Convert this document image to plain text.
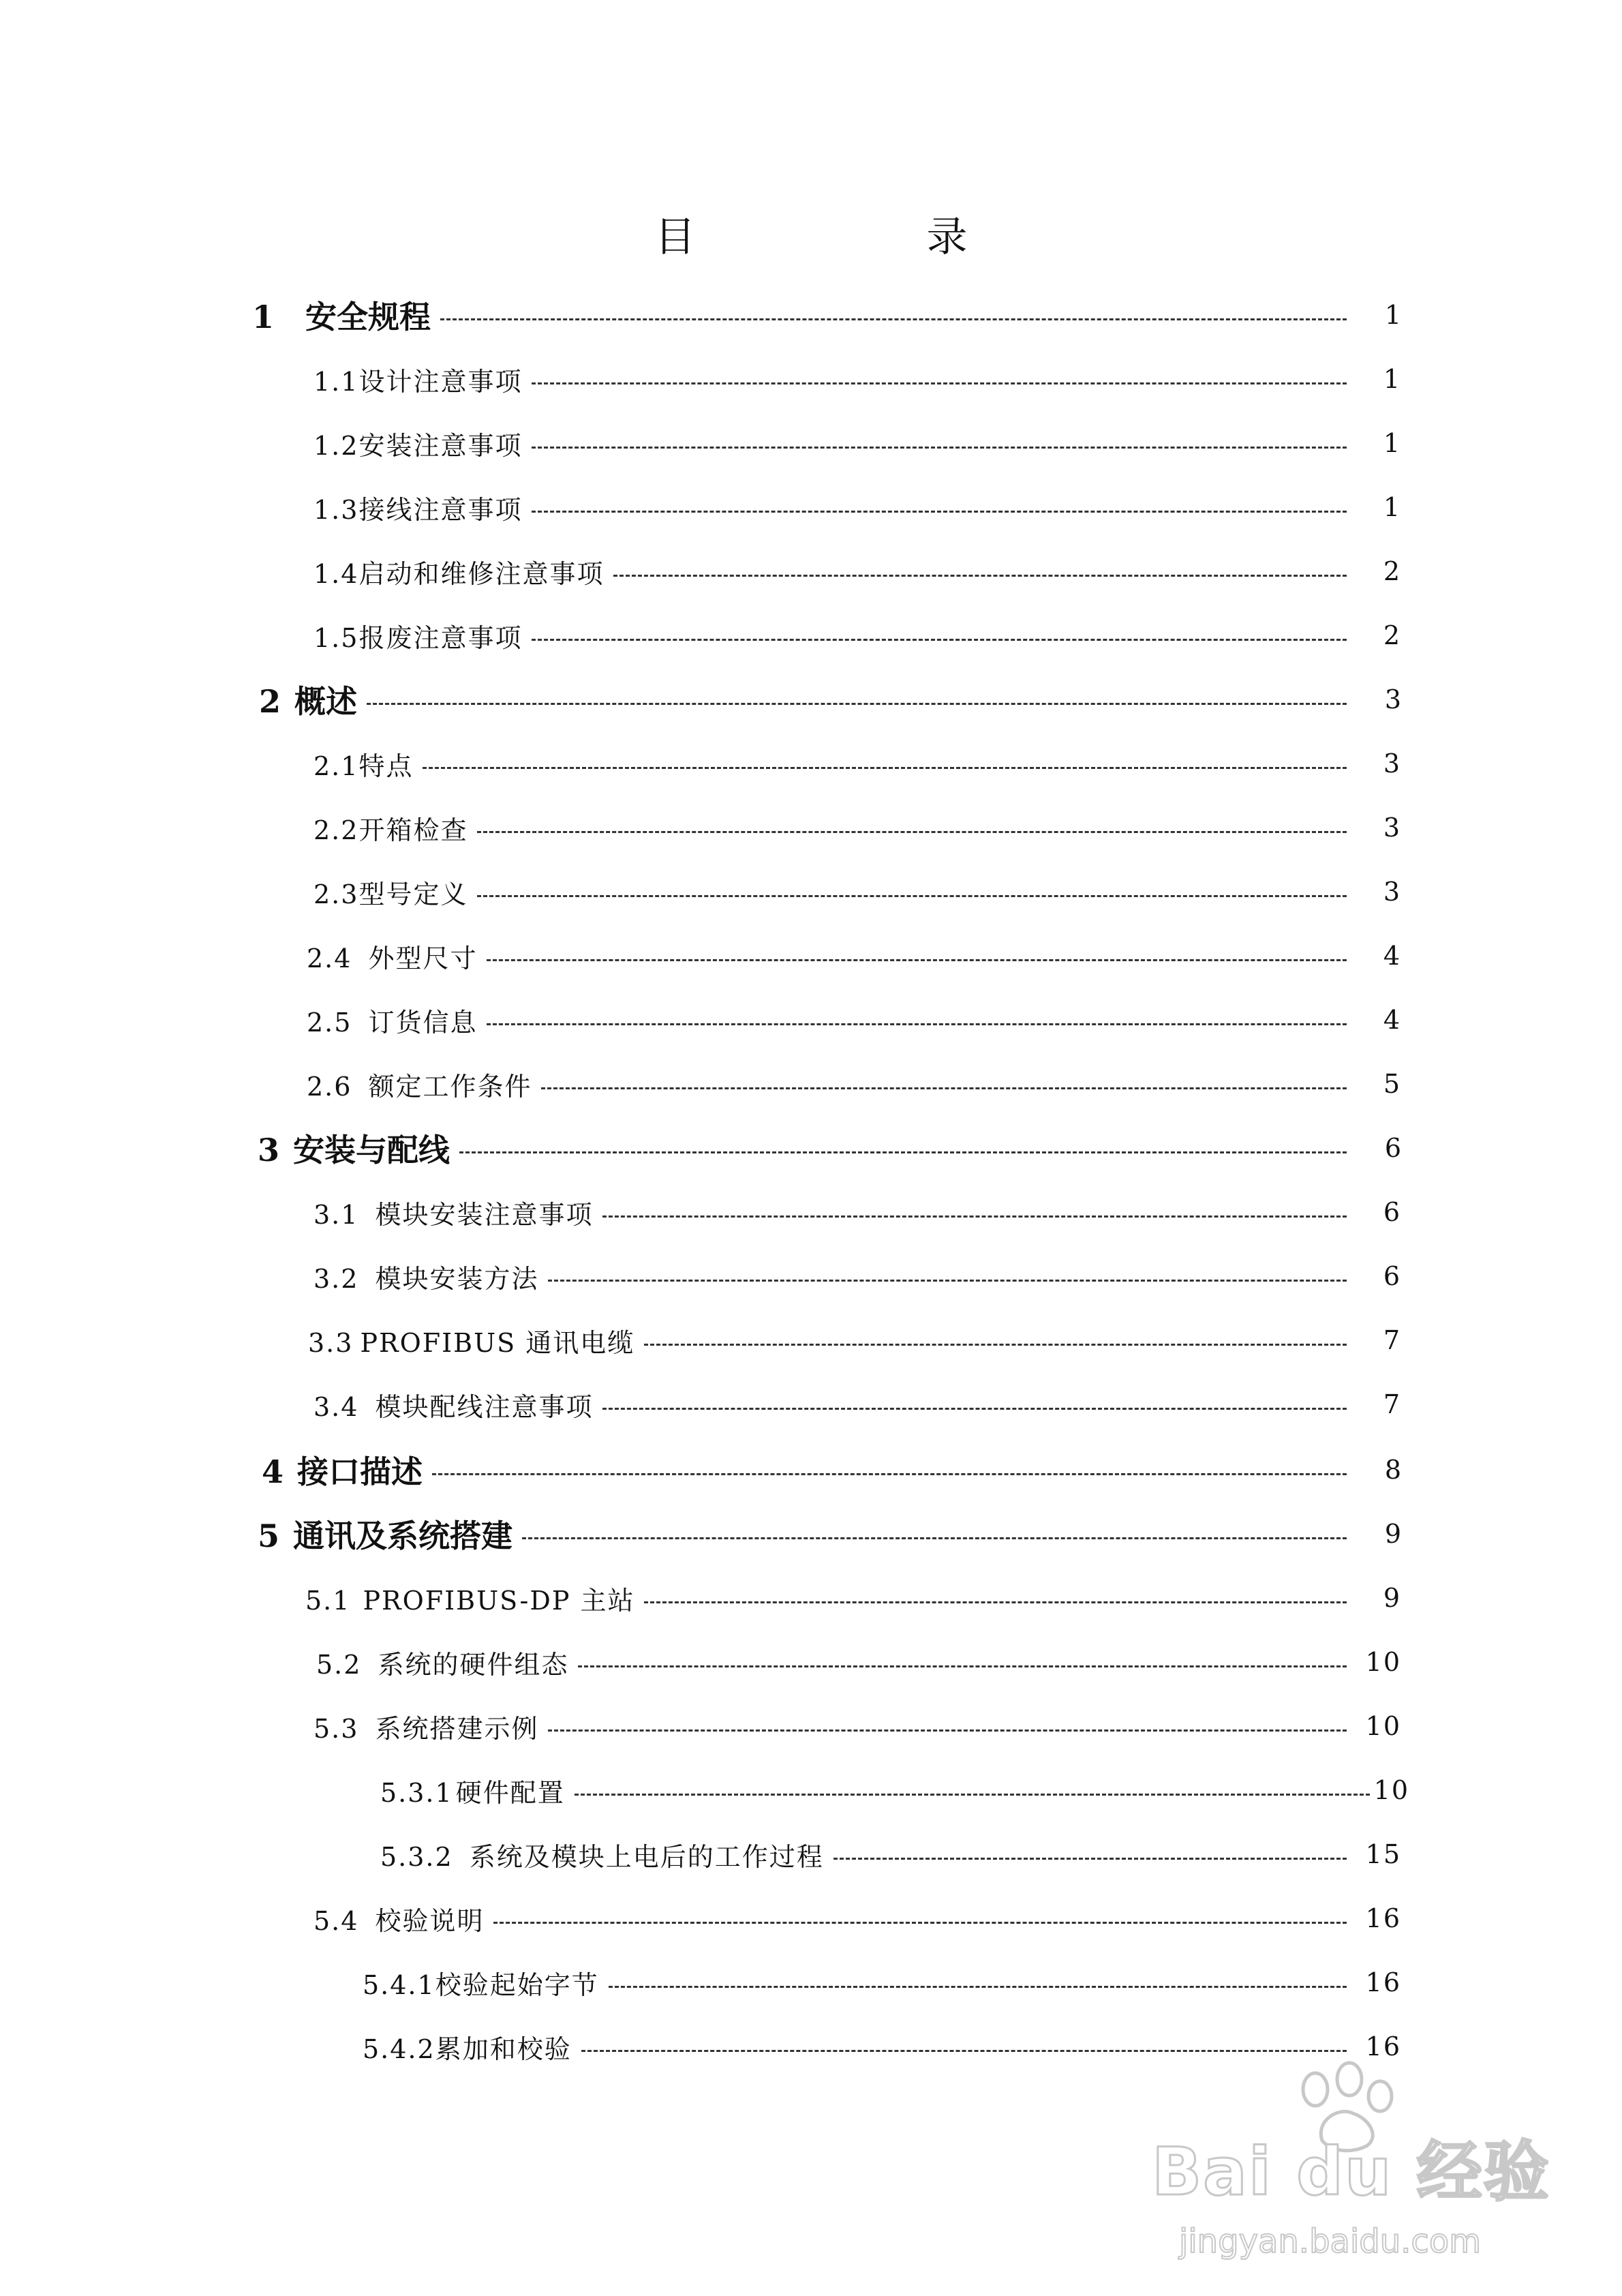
目 录
1 安全规程	1
1.1设计注意事项	1
1.2安装注意事项	1
1.3接线注意事项	1
1.4启动和维修注意事项	2
1.5报废注意事项	2
2 概述	3
2.1特点	3
2.2开箱检查	3
2.3型号定义	3
2.4 外型尺寸	4
2.5 订货信息	4
2.6 额定工作条件	5
3 安装与配线	6
3.1 模块安装注意事项	6
3.2 模块安装方法	6
3.3 PROFIBUS 通讯电缆	7
3.4 模块配线注意事项	7
4 接口描述	8
5 通讯及系统搭建	9
5.1 PROFIBUS-DP 主站	9
5.2 系统的硬件组态	10
5.3 系统搭建示例	10
5.3.1 硬件配置	10
5.3.2 系统及模块上电后的工作过程	15
5.4 校验说明	16
5.4.1校验起始字节	16
5.4.2累加和校验	16
Bai du 经验
jingyan.baidu.com
